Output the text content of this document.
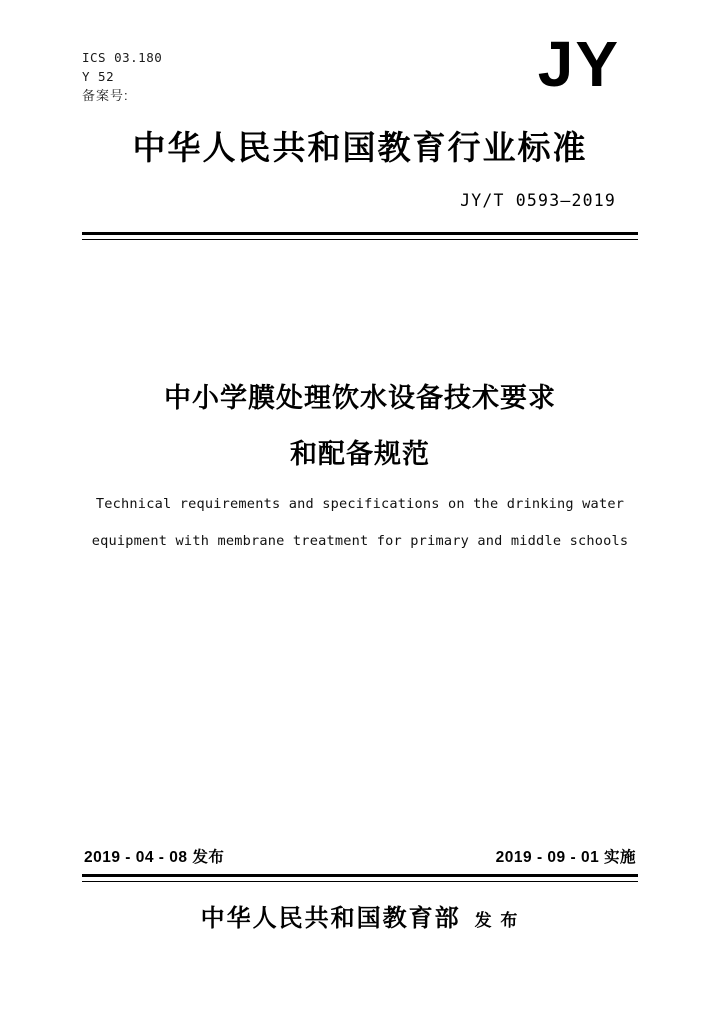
ICS 03.180
Y 52
备案号:	JY
中华人民共和国教育行业标准
JY/T 0593—2019
中小学膜处理饮水设备技术要求
和配备规范
Technical requirements and specifications on the drinking water
equipment with membrane treatment for primary and middle schools
2019 - 04 - 08 发布	2019 - 09 - 01 实施
中华人民共和国教育部 发 布
